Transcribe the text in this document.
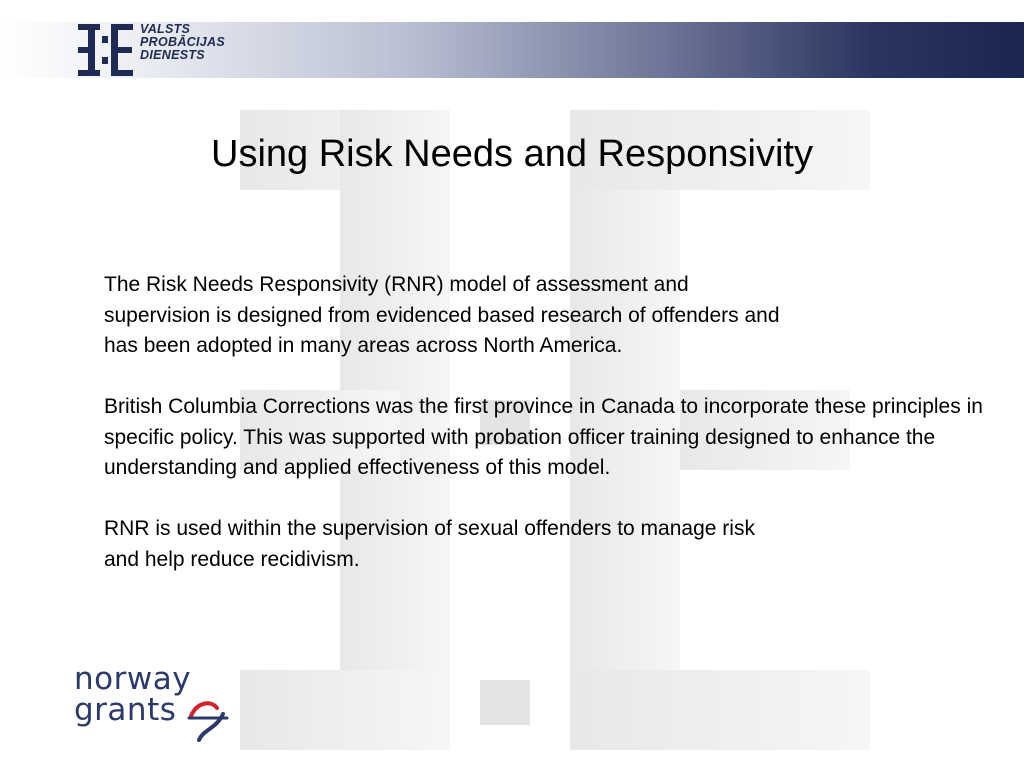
VALSTS
PROBĀCIJAS
DIENESTS
Using Risk Needs and Responsivity

The Risk Needs Responsivity (RNR) model of assessment and supervision is designed from evidenced based research of offenders and has been adopted in many areas across North America.

British Columbia Corrections was the first province in Canada to incorporate these principles in specific policy. This was supported with probation officer training designed to enhance the understanding and applied effectiveness of this model.

RNR is used within the supervision of sexual offenders to manage risk and help reduce recidivism.

norway
grants
